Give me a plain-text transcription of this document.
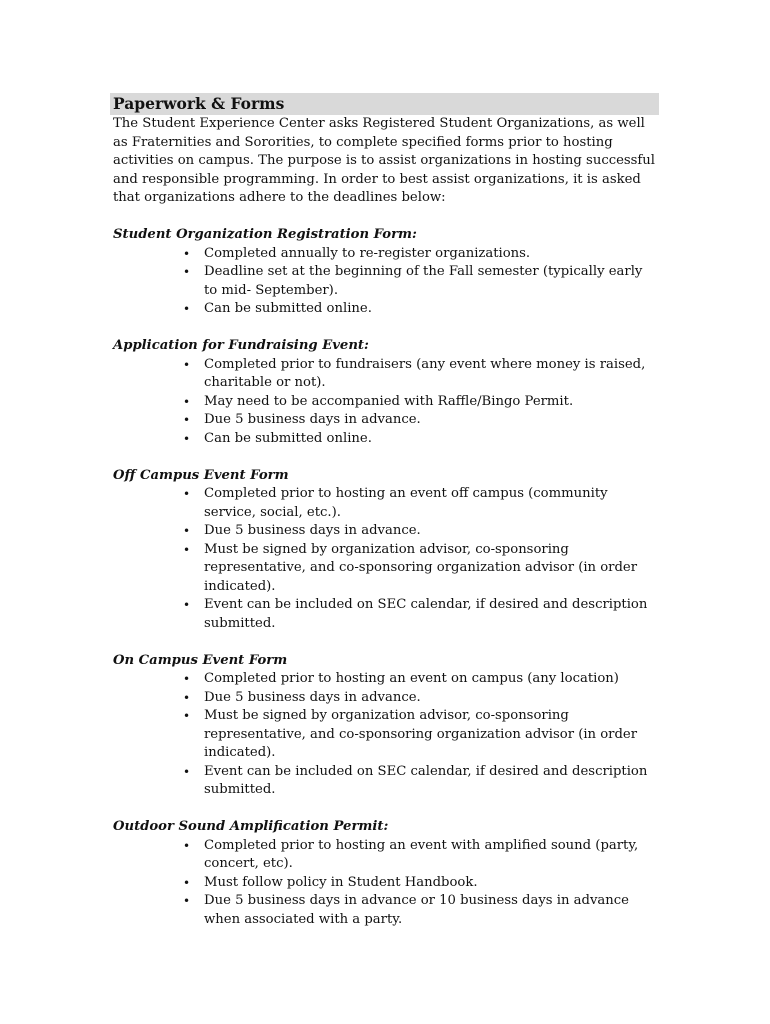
Paperwork & Forms

The Student Experience Center asks Registered Student Organizations, as well as Fraternities and Sororities, to complete specified forms prior to hosting activities on campus. The purpose is to assist organizations in hosting successful and responsible programming. In order to best assist organizations, it is asked that organizations adhere to the deadlines below:

Student Organization Registration Form:

• Completed annually to re-register organizations.
• Deadline set at the beginning of the Fall semester (typically early to mid- September).
• Can be submitted online.

Application for Fundraising Event:

• Completed prior to fundraisers (any event where money is raised, charitable or not).
• May need to be accompanied with Raffle/Bingo Permit.
• Due 5 business days in advance.
• Can be submitted online.

Off Campus Event Form

• Completed prior to hosting an event off campus (community service, social, etc.).
• Due 5 business days in advance.
• Must be signed by organization advisor, co-sponsoring representative, and co-sponsoring organization advisor (in order indicated).
• Event can be included on SEC calendar, if desired and description submitted.

On Campus Event Form

• Completed prior to hosting an event on campus (any location)
• Due 5 business days in advance.
• Must be signed by organization advisor, co-sponsoring representative, and co-sponsoring organization advisor (in order indicated).
• Event can be included on SEC calendar, if desired and description submitted.

Outdoor Sound Amplification Permit:

• Completed prior to hosting an event with amplified sound (party, concert, etc).
• Must follow policy in Student Handbook.
• Due 5 business days in advance or 10 business days in advance when associated with a party.
